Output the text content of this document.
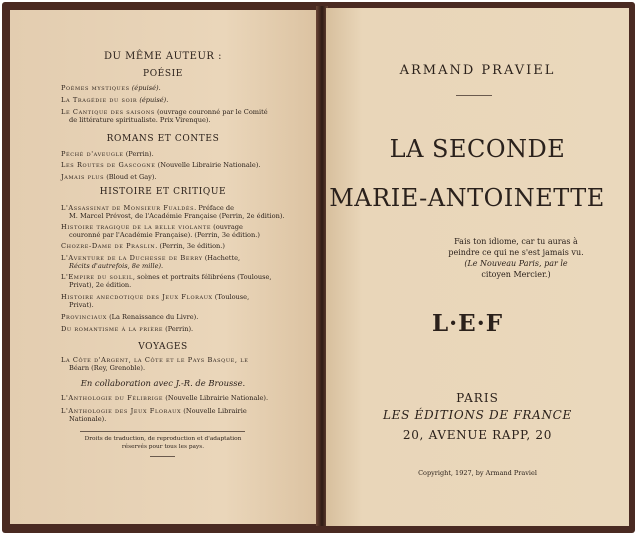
DU MÊME AUTEUR :
POÉSIE
Poèmes mystiques (épuisé).
La Tragédie du soir (épuisé).
Le Cantique des saisons (ouvrage couronné par le Comité
de littérature spiritualiste. Prix Virenque).
ROMANS ET CONTES
Péché d'aveugle (Perrin).
Les Routes de Gascogne (Nouvelle Librairie Nationale).
Jamais plus (Bloud et Gay).
HISTOIRE ET CRITIQUE
L'Assassinat de Monsieur Fualdès. Préface de
M. Marcel Prévost, de l'Académie Française (Perrin, 2e édition).
Histoire tragique de la belle violante (ouvrage
couronné par l'Académie Française). (Perrin, 3e édition.)
Chozre-Dame de Praslin. (Perrin, 3e édition.)
L'Aventure de la Duchesse de Berry (Hachette,
Récits d'autrefois, 8e mille).
L'Empire du soleil, scènes et portraits félibréens (Toulouse,
Privat), 2e édition.
Histoire anecdotique des Jeux Floraux (Toulouse,
Privat).
Provinciaux (La Renaissance du Livre).
Du romantisme à la prière (Perrin).
VOYAGES
La Côte d'Argent, la Côte et le Pays Basque, le
Béarn (Rey, Grenoble).
En collaboration avec J.-R. de Brousse.
L'Anthologie du Félibrige (Nouvelle Librairie Nationale).
L'Anthologie des Jeux Floraux (Nouvelle Librairie
Nationale).
Droits de traduction, de reproduction et d'adaptation
réservés pour tous les pays.
ARMAND PRAVIEL
LA SECONDE
MARIE-ANTOINETTE
Fais ton idiome, car tu auras à
peindre ce qui ne s'est jamais vu.
(Le Nouveau Paris, par le
citoyen Mercier.)
L·E·F
PARIS
LES ÉDITIONS DE FRANCE
20, AVENUE RAPP, 20
Copyright, 1927, by Armand Praviel
